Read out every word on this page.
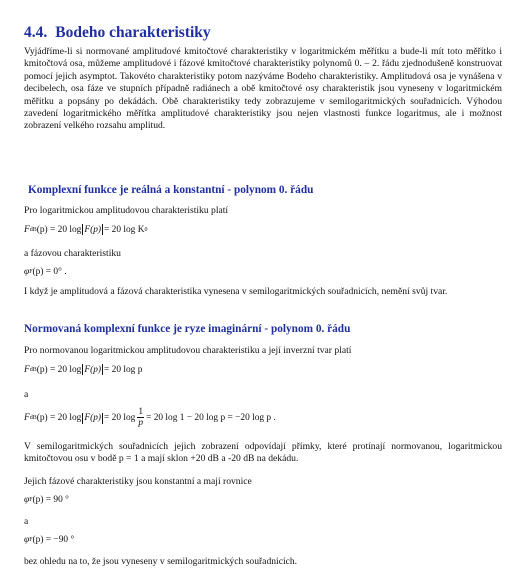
4.4. Bodeho charakteristiky
Vyjádříme-li si normované amplitudové kmitočtové charakteristiky v logaritmickém měřítku a bude-li mít toto měřítko i kmitočtová osa, můžeme amplitudové i fázové kmitočtové charakteristiky polynomů 0. – 2. řádu zjednodušeně konstruovat pomocí jejich asymptot. Takovéto charakteristiky potom nazýváme Bodeho charakteristiky. Amplitudová osa je vynášena v decibelech, osa fáze ve stupních případně radiánech a obě kmitočtové osy charakteristik jsou vyneseny v logaritmickém měřítku a popsány po dekádách. Obě charakteristiky tedy zobrazujeme v semilogaritmických souřadnicích. Výhodou zavedení logaritmického měřítka amplitudové charakteristiky jsou nejen vlastnosti funkce logaritmus, ale i možnost zobrazení velkého rozsahu amplitud.
Komplexní funkce je reálná a konstantní - polynom 0. řádu
Pro logaritmickou amplitudovou charakteristiku platí
F dB (p) = 20 log F(p) = 20 log K 0
a fázovou charakteristiku
φ F (p) = 0° .
I když je amplitudová a fázová charakteristika vynesena v semilogaritmických souřadnicích, nemění svůj tvar.
Normovaná komplexní funkce je ryze imaginární - polynom 0. řádu
Pro normovanou logaritmickou amplitudovou charakteristiku a její inverzní tvar platí
F dB (p) = 20 log F(p) = 20 log p
a
F dB (p) = 20 log F(p) = 20 $\log \frac{1}{p} = 20$ log 1 − 20 log p = −20 log p .
V semilogaritmických souřadnicích jejich zobrazení odpovídají přímky, které protínají normovanou, logaritmickou kmitočtovou osu v bodě p = 1 a mají sklon +20 dB a -20 dB na dekádu.
Jejich fázové charakteristiky jsou konstantní a mají rovnice
φ F (p) = 90 °
a
φ F (p) = −90 °
bez ohledu na to, že jsou vyneseny v semilogaritmických souřadnicích.
